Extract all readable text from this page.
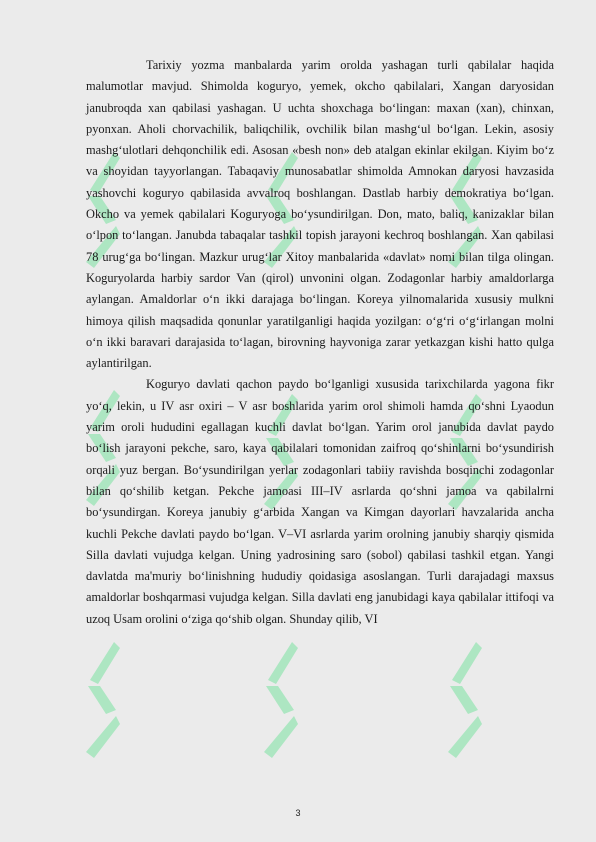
Tarixiy yozma manbalarda yarim orolda yashagan turli qabilalar haqida malumotlar mavjud. Shimolda koguryo, yemek, okcho qabilalari, Xangan daryosidan janubroqda xan qabilasi yashagan. U uchta shoxchaga bo‘lingan: maxan (xan), chinxan, pyonxan. Aholi chorvachilik, baliqchilik, ovchilik bilan mashg‘ul bo‘lgan. Lekin, asosiy mashg‘ulotlari dehqonchilik edi. Asosan «besh non» deb atalgan ekinlar ekilgan. Kiyim bo‘z va shoyidan tayyorlangan. Tabaqaviy munosabatlar shimolda Amnokan daryosi havzasida yashovchi koguryo qabilasida avvalroq boshlangan. Dastlab harbiy demokratiya bo‘lgan. Okcho va yemek qabilalari Koguryoga bo‘ysundirilgan. Don, mato, baliq, kanizaklar bilan o‘lpon to‘langan. Janubda tabaqalar tashkil topish jarayoni kechroq boshlangan. Xan qabilasi 78 urug‘ga bo‘lingan. Mazkur urug‘lar Xitoy manbalarida «davlat» nomi bilan tilga olingan. Koguryolarda harbiy sardor Van (qirol) unvonini olgan. Zodagonlar harbiy amaldorlarga aylangan. Amaldorlar o‘n ikki darajaga bo‘lingan. Koreya yilnomalarida xususiy mulkni himoya qilish maqsadida qonunlar yaratilganligi haqida yozilgan: o‘g‘ri o‘g‘irlangan molni o‘n ikki baravari darajasida to‘lagan, birovning hayvoniga zarar yetkazgan kishi hatto qulga aylantirilgan.

Koguryo davlati qachon paydo bo‘lganligi xususida tarixchilarda yagona fikr yo‘q, lekin, u IV asr oxiri – V asr boshlarida yarim orol shimoli hamda qo‘shni Lyaodun yarim oroli hududini egallagan kuchli davlat bo‘lgan. Yarim orol janubida davlat paydo bo‘lish jarayoni pekche, saro, kaya qabilalari tomonidan zaifroq qo‘shinlarni bo‘ysundirish orqali yuz bergan. Bo‘ysundirilgan yerlar zodagonlari tabiiy ravishda bosqinchi zodagonlar bilan qo‘shilib ketgan. Pekche jamoasi III–IV asrlarda qo‘shni jamoa va qabilalrni bo‘ysundirgan. Koreya janubiy g‘arbida Xangan va Kimgan dayorlari havzalarida ancha kuchli Pekche davlati paydo bo‘lgan. V–VI asrlarda yarim orolning janubiy sharqiy qismida Silla davlati vujudga kelgan. Uning yadrosining saro (sobol) qabilasi tashkil etgan. Yangi davlatda ma'muriy bo‘linishning hududiy qoidasiga asoslangan. Turli darajadagi maxsus amaldorlar boshqarmasi vujudga kelgan. Silla davlati eng janubidagi kaya qabilalar ittifoqi va uzoq Usam orolini o‘ziga qo‘shib olgan. Shunday qilib, VI

3
